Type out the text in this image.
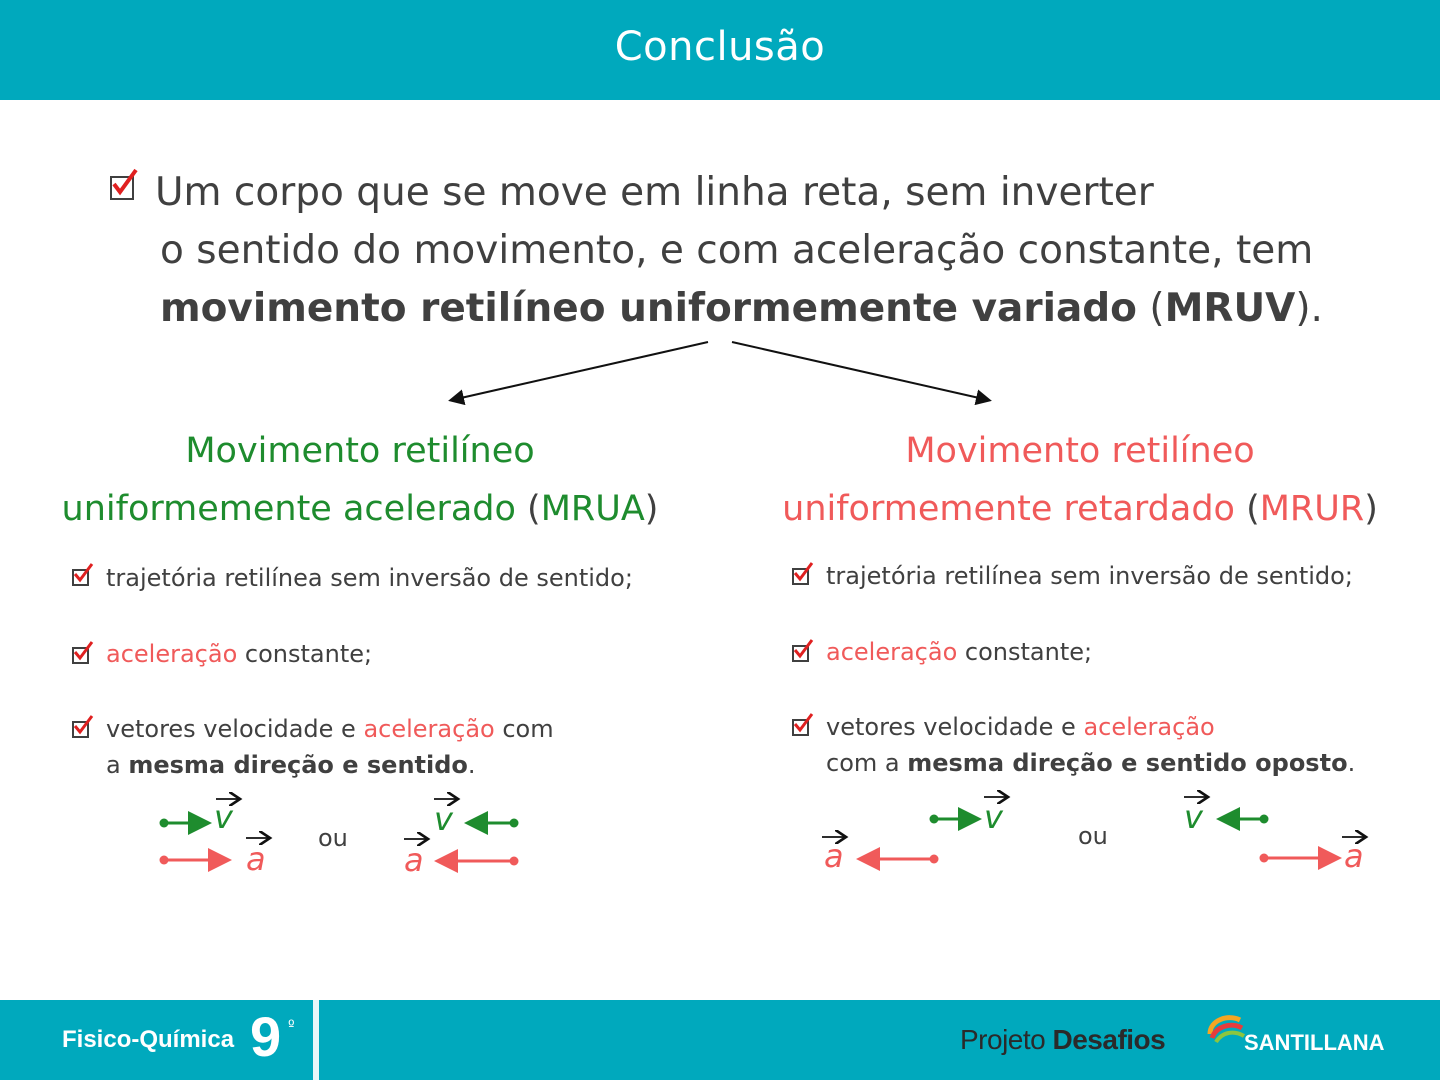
Conclusão
Um corpo que se move em linha reta, sem inverter
o sentido do movimento, e com aceleração constante, tem
movimento retilíneo uniformemente variado (MRUV).
Movimento retilíneo
uniformemente acelerado (MRUA)
Movimento retilíneo
uniformemente retardado (MRUR)
trajetória retilínea sem inversão de sentido;
aceleração constante;
vetores velocidade e aceleração com
a mesma direção e sentido.
trajetória retilínea sem inversão de sentido;
aceleração constante;
vetores velocidade e aceleração
com a mesma direção e sentido oposto.
v
a
ou	v
a	a
v	ou v
a
Fisico-Química 9 º	Projeto Desafios	SANTILLANA
